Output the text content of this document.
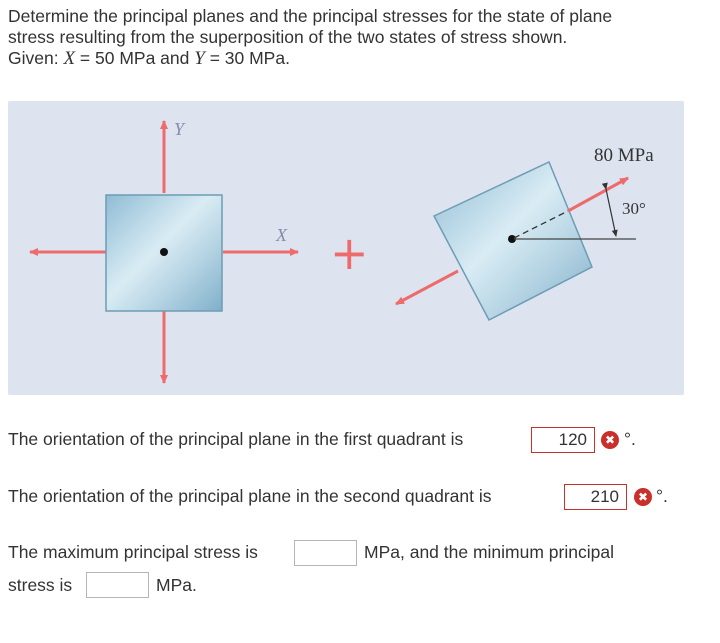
Determine the principal planes and the principal stresses for the state of plane
stress resulting from the superposition of the two states of stress shown.
Given: X = 50 MPa and Y = 30 MPa.
Y
X +
80 MPa
30°
The orientation of the principal plane in the first quadrant is	120	✖ °.
The orientation of the principal plane in the second quadrant is	210	✖ °.
The maximum principal stress is	MPa, and the minimum principal
stress is	MPa.
